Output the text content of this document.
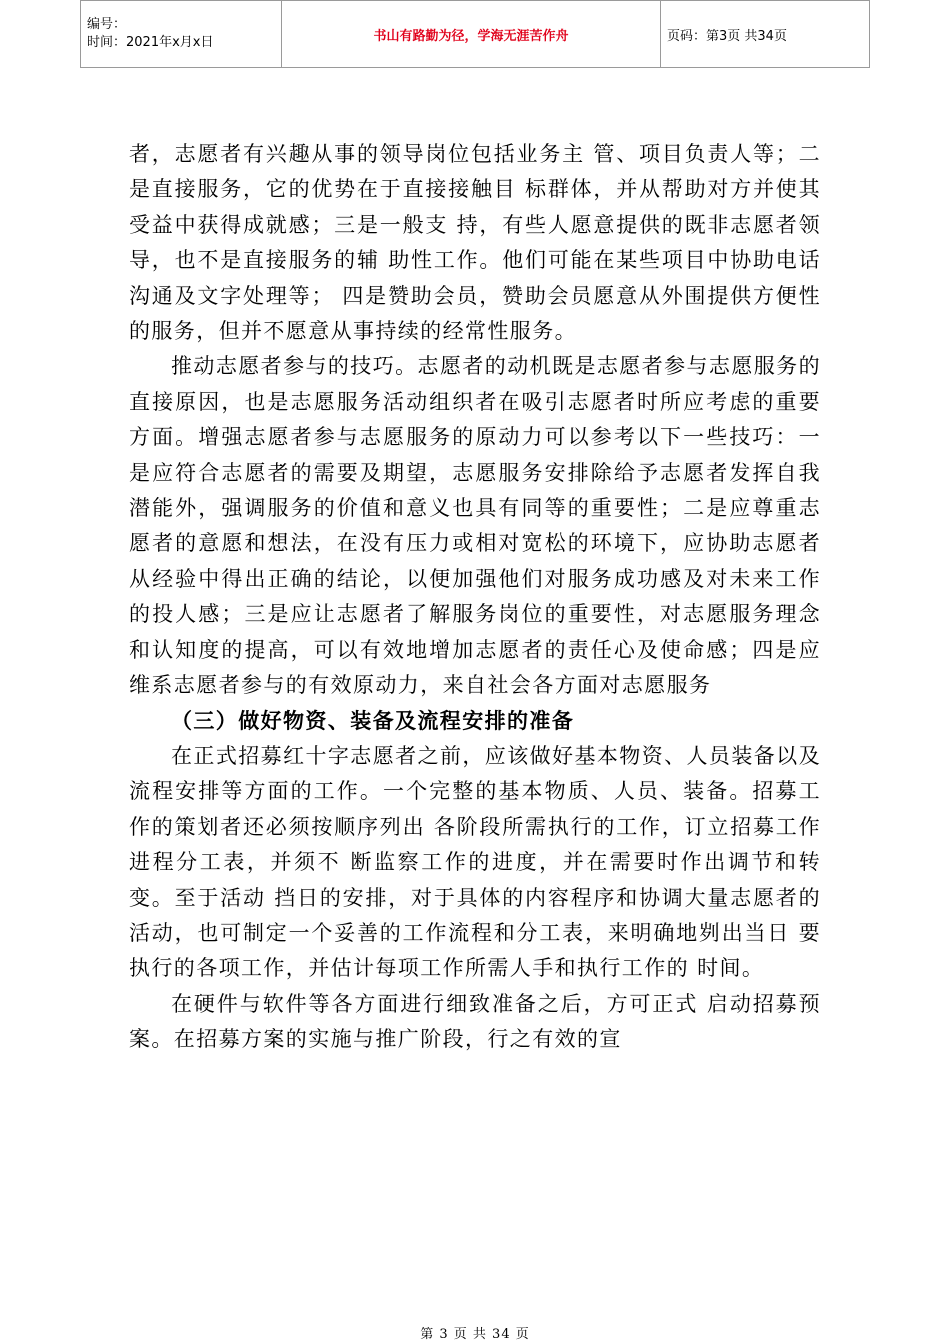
编号：
时间：2021年x月x日	书山有路勤为径，学海无涯苦作舟	页码：第3页 共34页

者，志愿者有兴趣从事的领导岗位包括业务主 管、项目负责人等；二是直接服务，它的优势在于直接接触目 标群体，并从帮助对方并使其受益中获得成就感；三是一般支 持，有些人愿意提供的既非志愿者领导，也不是直接服务的辅 助性工作。他们可能在某些项目中协助电话沟通及文字处理等； 四是赞助会员，赞助会员愿意从外围提供方便性的服务，但并不愿意从事持续的经常性服务。

推动志愿者参与的技巧。志愿者的动机既是志愿者参与志愿服务的直接原因，也是志愿服务活动组织者在吸引志愿者时所应考虑的重要方面。增强志愿者参与志愿服务的原动力可以参考以下一些技巧：一是应符合志愿者的需要及期望，志愿服务安排除给予志愿者发挥自我潜能外，强调服务的价值和意义也具有同等的重要性；二是应尊重志愿者的意愿和想法，在没有压力或相对宽松的环境下，应协助志愿者从经验中得出正确的结论，以便加强他们对服务成功感及对未来工作的投人感；三是应让志愿者了解服务岗位的重要性，对志愿服务理念和认知度的提高，可以有效地增加志愿者的责任心及使命感；四是应维系志愿者参与的有效原动力，来自社会各方面对志愿服务

（三）做好物资、装备及流程安排的准备

在正式招募红十字志愿者之前，应该做好基本物资、人员装备以及流程安排等方面的工作。一个完整的基本物质、人员、装备。招募工作的策划者还必须按顺序列出 各阶段所需执行的工作，订立招募工作进程分工表，并须不 断监察工作的进度，并在需要时作出调节和转变。至于活动 挡日的安排，对于具体的内容程序和协调大量志愿者的活动，也可制定一个妥善的工作流程和分工表，来明确地刿出当日 要执行的各项工作，并估计每项工作所需人手和执行工作的 时间。

在硬件与软件等各方面进行细致准备之后，方可正式 启动招募预案。在招募方案的实施与推广阶段，行之有效的宣

第 3 页 共 34 页
